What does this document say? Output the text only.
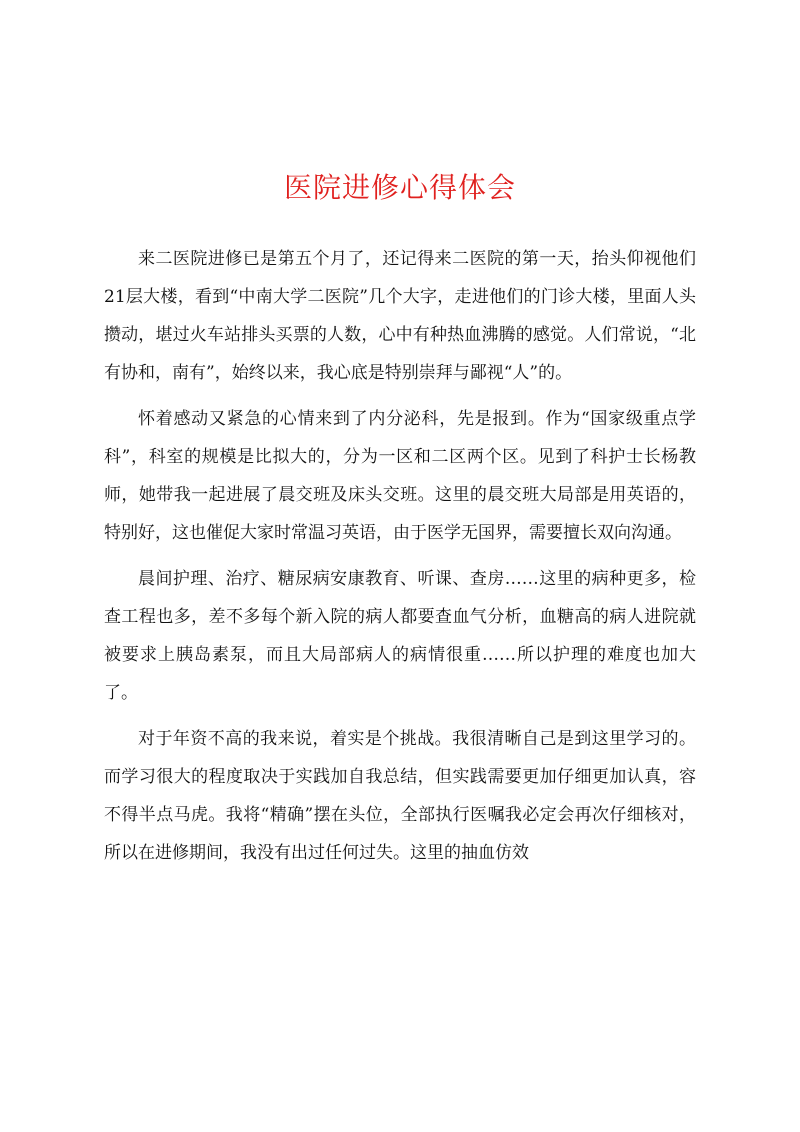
医院进修心得体会

来二医院进修已是第五个月了，还记得来二医院的第一天，抬头仰视他们21层大楼，看到“中南大学二医院”几个大字，走进他们的门诊大楼，里面人头攒动，堪过火车站排头买票的人数，心中有种热血沸腾的感觉。人们常说，“北有协和，南有”，始终以来，我心底是特别崇拜与鄙视“人”的。

怀着感动又紧急的心情来到了内分泌科，先是报到。作为“国家级重点学科”，科室的规模是比拟大的，分为一区和二区两个区。见到了科护士长杨教师，她带我一起进展了晨交班及床头交班。这里的晨交班大局部是用英语的，特别好，这也催促大家时常温习英语，由于医学无国界，需要擅长双向沟通。

晨间护理、治疗、糖尿病安康教育、听课、查房……这里的病种更多，检查工程也多，差不多每个新入院的病人都要查血气分析，血糖高的病人进院就被要求上胰岛素泵，而且大局部病人的病情很重……所以护理的难度也加大了。

对于年资不高的我来说，着实是个挑战。我很清晰自己是到这里学习的。而学习很大的程度取决于实践加自我总结，但实践需要更加仔细更加认真，容不得半点马虎。我将“精确”摆在头位，全部执行医嘱我必定会再次仔细核对，所以在进修期间，我没有出过任何过失。这里的抽血仿效
